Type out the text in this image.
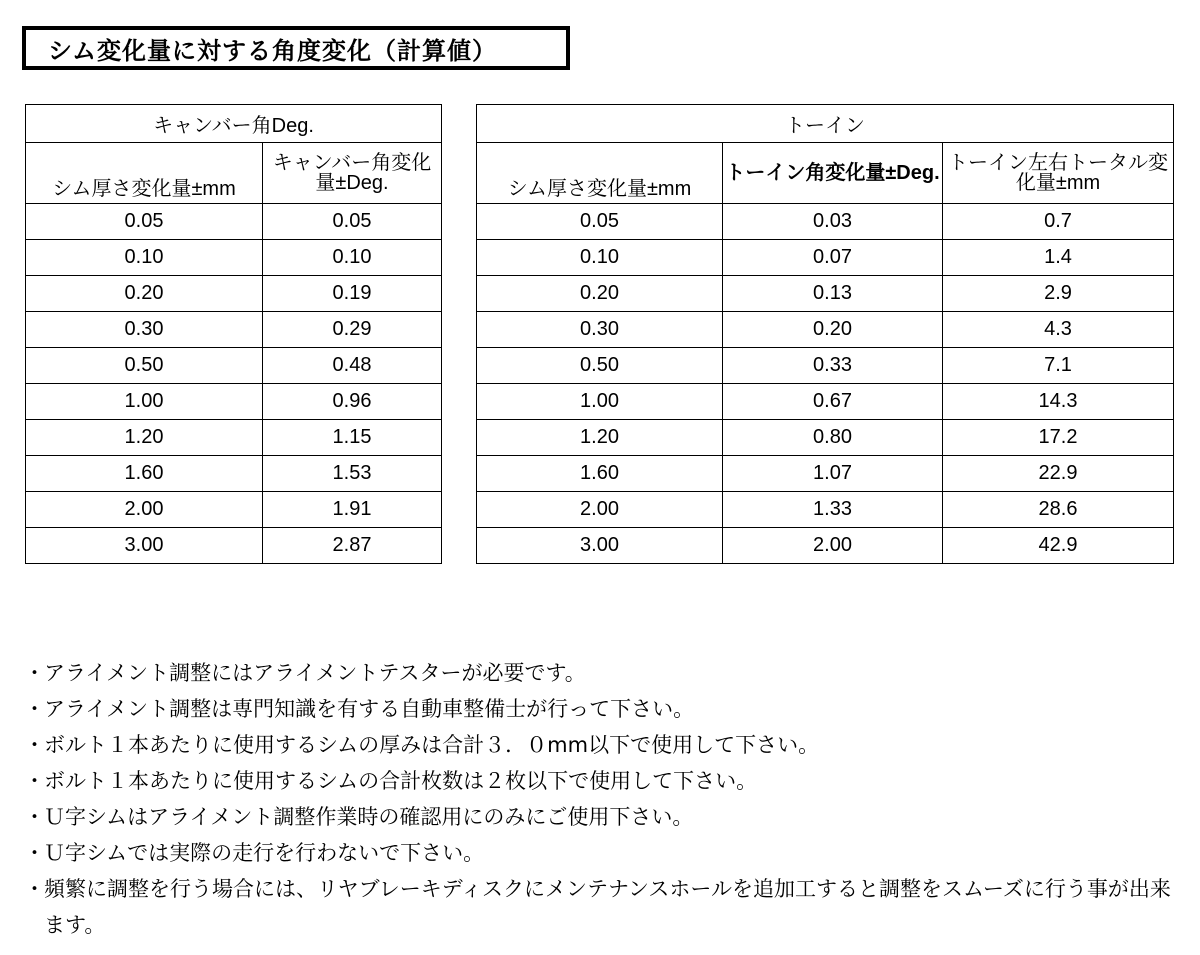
シム変化量に対する角度変化（計算値）
キャンバー角Deg.	
シム厚さ変化量±mm	キャンバー角変化量±Deg.
0.05	0.05
0.10	0.10
0.20	0.19
0.30	0.29
0.50	0.48
1.00	0.96
1.20	1.15
1.60	1.53
2.00	1.91
3.00	2.87
トーイン		
シム厚さ変化量±mm	トーイン角変化量±Deg.	トーイン左右トータル変化量±mm
0.05	0.03	0.7
0.10	0.07	1.4
0.20	0.13	2.9
0.30	0.20	4.3
0.50	0.33	7.1
1.00	0.67	14.3
1.20	0.80	17.2
1.60	1.07	22.9
2.00	1.33	28.6
3.00	2.00	42.9
・ アライメント調整にはアライメントテスターが必要です。
・ アライメント調整は専門知識を有する自動車整備士が行って下さい。
・ ボルト１本あたりに使用するシムの厚みは合計３．０mm以下で使用して下さい。
・ ボルト１本あたりに使用するシムの合計枚数は２枚以下で使用して下さい。
・ Ｕ字シムはアライメント調整作業時の確認用にのみにご使用下さい。
・ Ｕ字シムでは実際の走行を行わないで下さい。
・ 頻繁に調整を行う場合には、リヤブレーキディスクにメンテナンスホールを追加工すると調整をスムーズに行う事が出来ます。
